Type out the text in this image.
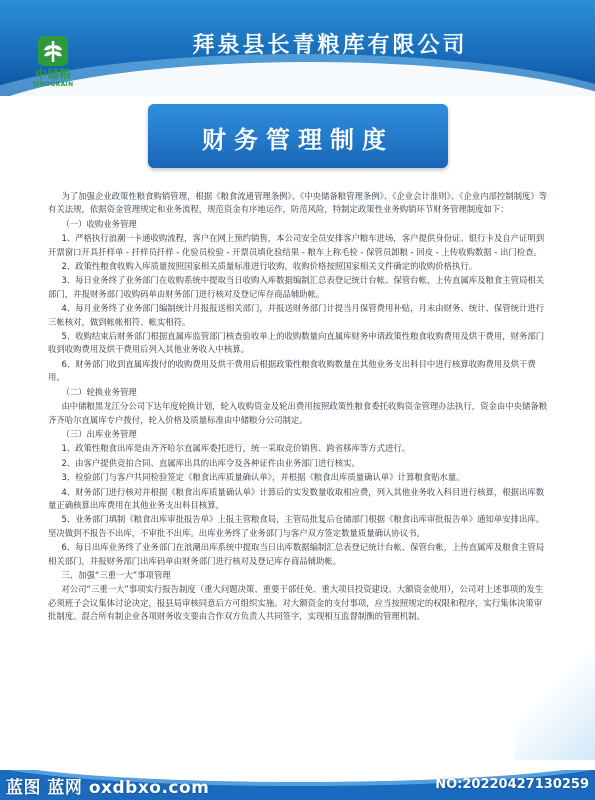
中储粮
SINOGRAIN
拜泉县长青粮库有限公司
财务管理制度

为了加强企业政策性粮食购销管理，根据《粮食流通管理条例》、《中央储备粮管理条例》、《企业会计准则》、《企业内部控制制度》等有关法规，依据资金管理规定和业务流程，规范资金有序地运作，防范风险，特制定政策性业务购销环节财务管理制度如下：

（一）收购业务管理

1、严格执行浪潮一卡通收购流程，客户在网上预约销售，本公司安全员安排客户粮车进场，客户提供身份证、银行卡及自产证明到开票窗口开具扦样单 - 扦样员扦样 - 化验员检验 - 开票员填化验结果 - 粮车上称毛检 - 保管员卸粮 - 回皮 - 上传收购数据 - 出门检查。

2、政策性粮食收购入库质量按照国家相关质量标准进行收购，收购价格按照国家相关文件确定的收购价格执行。

3、每日业务终了业务部门在收购系统中提取当日收购入库数据编制汇总表登记统计台帐、保管台帐，上传直属库及粮食主管局相关部门，并报财务部门收购码单由财务部门进行核对及登记库存商品辅助帐。

4、每月业务终了业务部门编制统计月报报送相关部门，并报送财务部门计提当月保管费用补贴，月末由财务、统计、保管统计进行三帐核对，做到帐帐相符、帐实相符。

5、收购结束后财务部门根据直属库监管部门核查验收单上的收购数量向直属库财务申请政策性粮食收购费用及烘干费用，财务部门收到收购费用及烘干费用后列入其他业务收入中核算。

6、财务部门收到直属库拨付的收购费用及烘干费用后根据政策性粮食收购数量在其他业务支出科目中进行核算收购费用及烘干费用。

（二）轮换业务管理

由中储粮黑龙江分公司下达年度轮换计划，轮入收购资金及轮出费用按照政策性粮食委托收购资金管理办法执行，资金由中央储备粮齐齐哈尔直属库专户拨付，轮入价格及质量标准由中储粮分公司制定。

（三）出库业务管理

1、政策性粮食出库是由齐齐哈尔直属库委托进行，统一采取竞价销售、跨省移库等方式进行。

2、由客户提供竞拍合同、直属库出具的出库令及各种证件由业务部门进行核实。

3、检验部门与客户共同检验签定《粮食出库质量确认单》，并根据《粮食出库质量确认单》计算粮食贴水量。

4、财务部门进行核对并根据《粮食出库质量确认单》计算后的实发数量收取相应费，列入其他业务收入科目进行核算，根据出库数量正确核算出库费用在其他业务支出科目核算。

5、业务部门填制《粮食出库审批报告单》上报主管粮食局，主管局批复后仓储部门根据《粮食出库审批报告单》通知单安排出库。坚决做到不报告不出库，不审批不出库。出库业务终了业务部门与客户双方签定数量质量确认协议书。

6、每日出库业务终了业务部门在浪潮出库系统中提取当日出库数据编制汇总表登记统计台帐、保管台帐，上传直属库及粮食主管局相关部门，并报财务部门出库码单由财务部门进行核对及登记库存商品辅助帐。

三、加强“三重一大”事项管理

对公司“三重一大”事项实行报告制度（重大问题决策、重要干部任免、重大项目投资建设、大额资金使用），公司对上述事项的发生必须班子会议集体讨论决定，报县局审核同意后方可组织实施。对大额资金的支付事项，应当按照规定的权限和程序，实行集体决策审批制度。混合所有制企业各项财务收支要由合作双方负责人共同签字，实现相互监督制衡的管理机制。

蓝图 蓝网 oxdbxo.com	NO:20220427130259
